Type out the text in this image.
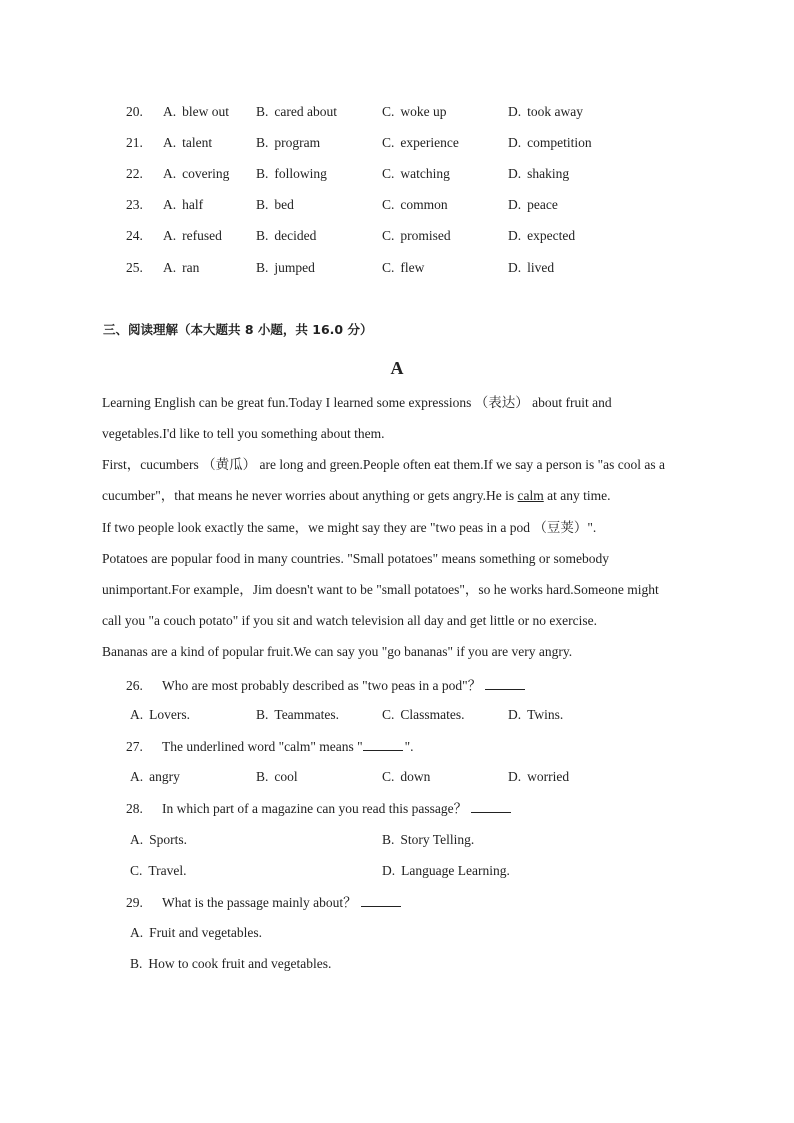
20.	A. blew out B. cared about	C. woke up	D. took away
21.	A. talent	B. program	C. experience	D. competition
22.	A. covering B. following	C. watching	D. shaking
23.	A. half	B. bed	C. common	D. peace
24.	A. refused	B. decided	C. promised	D. expected
25.	A. ran	B. jumped	C. flew	D. lived
三、阅读理解（本大题共 8 小题，共 16.0 分）
A
Learning English can be great fun.Today I learned some expressions （表达） about fruit and
vegetables.I'd like to tell you something about them.
First，cucumbers （黄瓜） are long and green.People often eat them.If we say a person is "as cool as a
cucumber"，that means he never worries about anything or gets angry.He is calm at any time.
If two people look exactly the same，we might say they are "two peas in a pod （豆荚）".
Potatoes are popular food in many countries. "Small potatoes" means something or somebody
unimportant.For example，Jim doesn't want to be "small potatoes"，so he works hard.Someone might
call you "a couch potato" if you sit and watch television all day and get little or no exercise.
Bananas are a kind of popular fruit.We can say you "go bananas" if you are very angry.
26. Who are most probably described as "two peas in a pod"？
A. Lovers.	B. Teammates.	C. Classmates.	D. Twins.
27. The underlined word "calm" means "	".
A. angry	B. cool	C. down	D. worried
28. In which part of a magazine can you read this passage？
A. Sports.	B. Story Telling.
C. Travel.	D. Language Learning.
29. What is the passage mainly about？
A. Fruit and vegetables.
B. How to cook fruit and vegetables.
